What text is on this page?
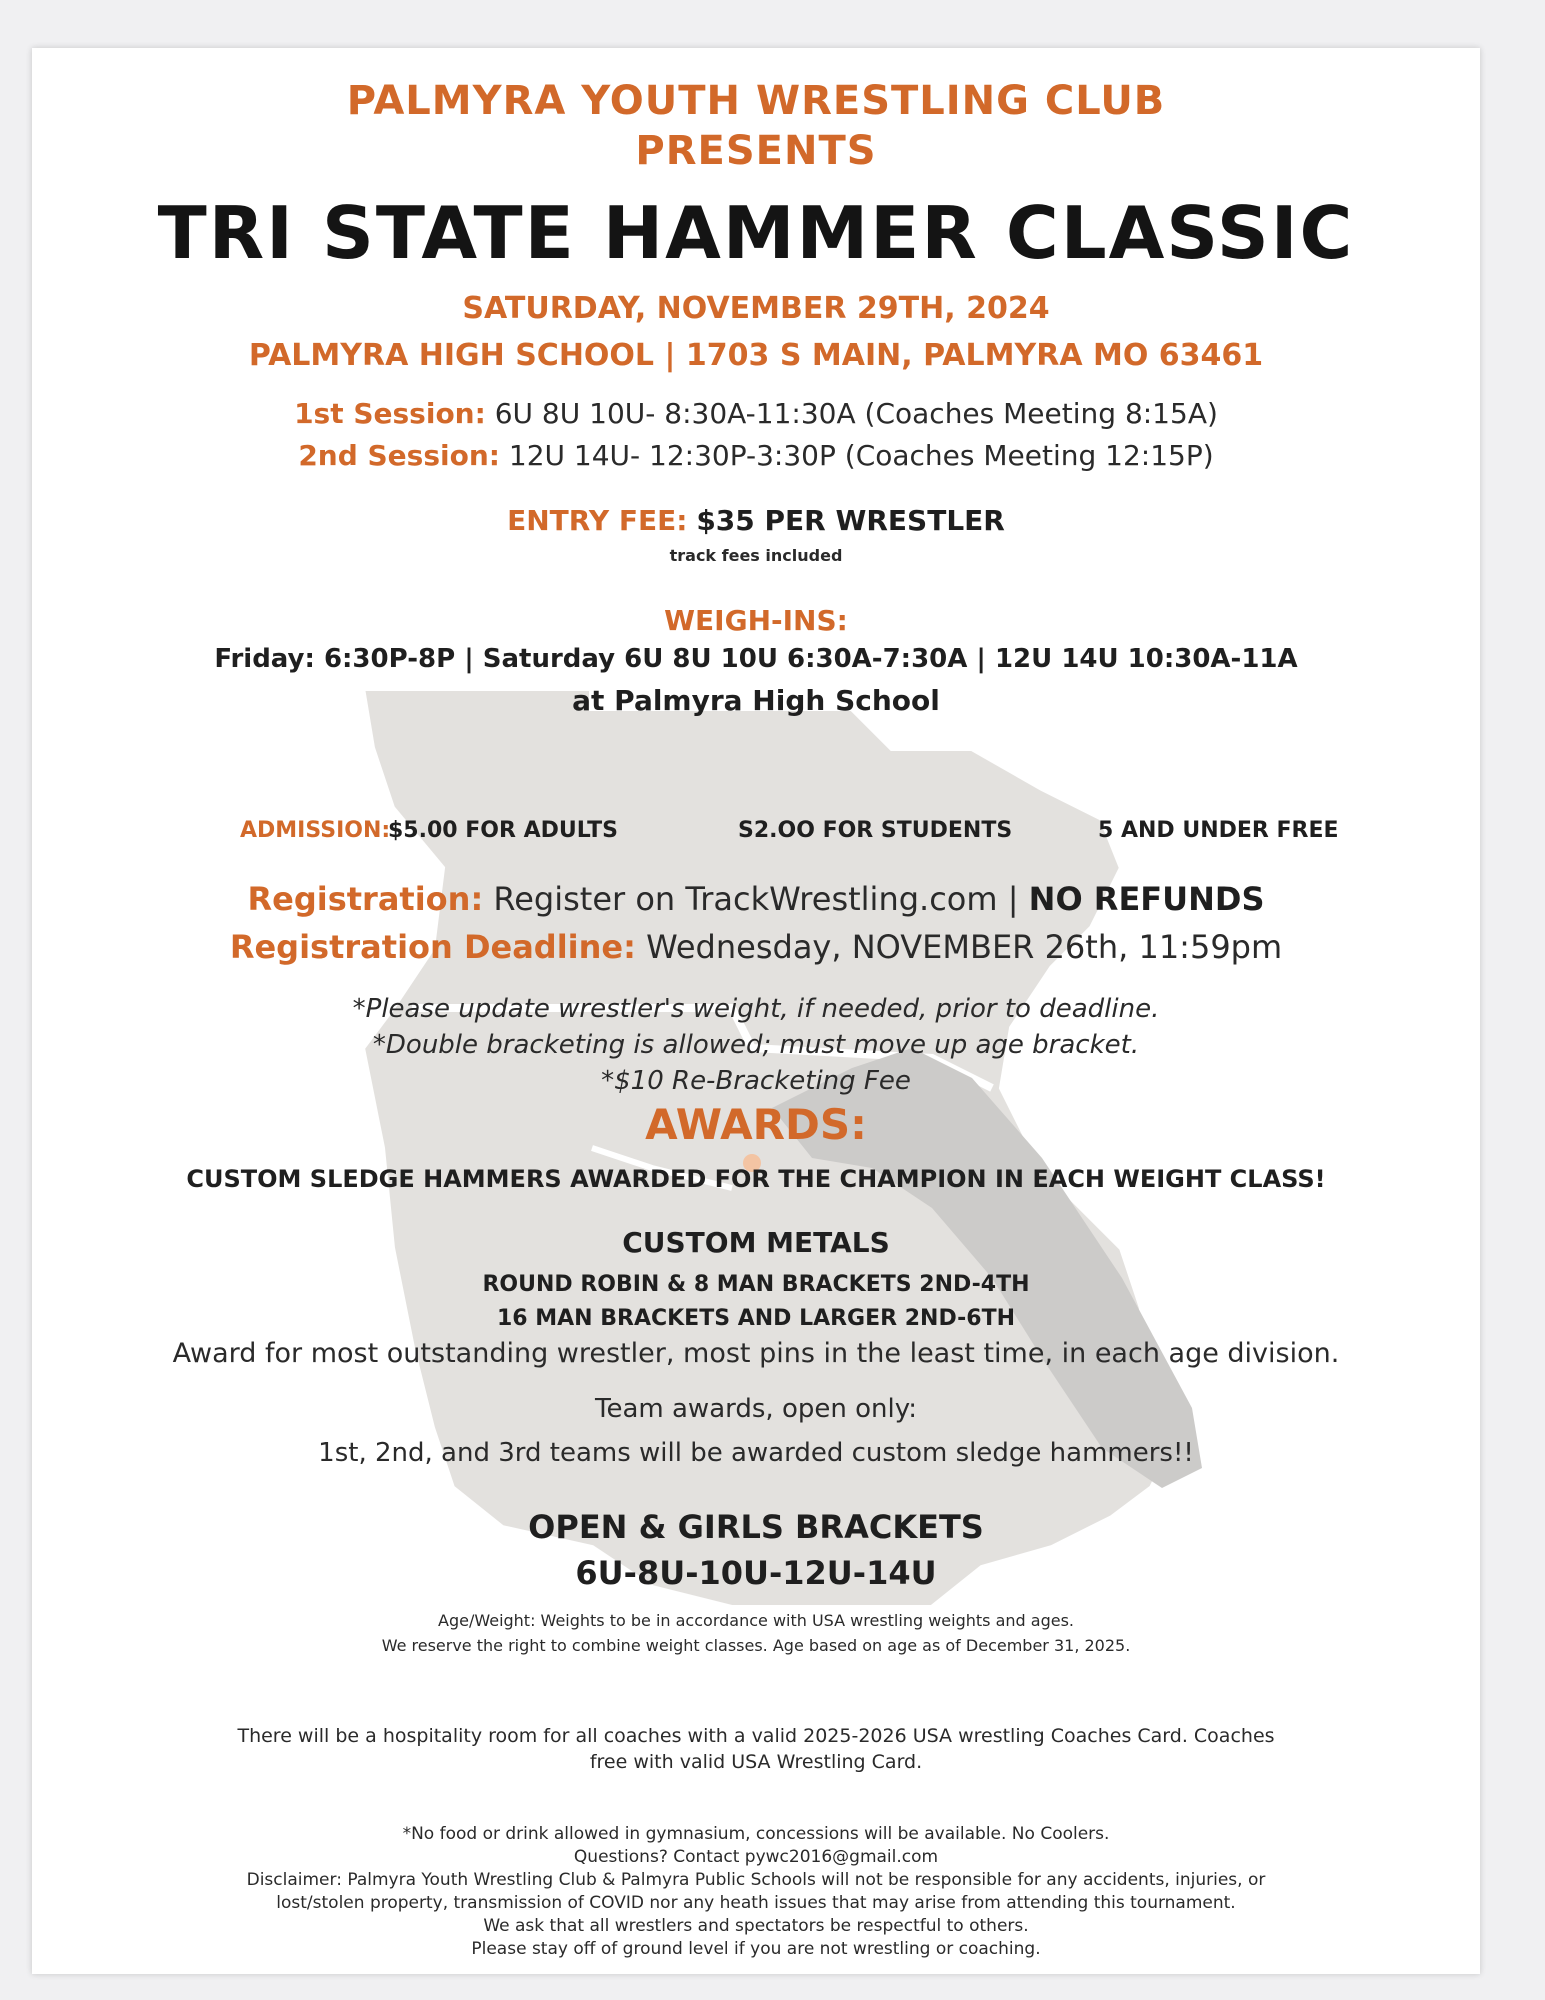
PALMYRA YOUTH WRESTLING CLUB
PRESENTS
TRI STATE HAMMER CLASSIC
SATURDAY, NOVEMBER 29TH, 2024
PALMYRA HIGH SCHOOL | 1703 S MAIN, PALMYRA MO 63461
1st Session: 6U 8U 10U- 8:30A-11:30A (Coaches Meeting 8:15A)
2nd Session: 12U 14U- 12:30P-3:30P (Coaches Meeting 12:15P)
ENTRY FEE: $35 PER WRESTLER
track fees included
WEIGH-INS:
Friday: 6:30P-8P | Saturday 6U 8U 10U 6:30A-7:30A | 12U 14U 10:30A-11A
at Palmyra High School
ADMISSION:
$5.00 FOR ADULTS	S2.OO FOR STUDENTS	5 AND UNDER FREE
Registration: Register on TrackWrestling.com | NO REFUNDS
Registration Deadline: Wednesday, NOVEMBER 26th, 11:59pm
*Please update wrestler's weight, if needed, prior to deadline.
*Double bracketing is allowed; must move up age bracket.
*$10 Re-Bracketing Fee
AWARDS:
CUSTOM SLEDGE HAMMERS AWARDED FOR THE CHAMPION IN EACH WEIGHT CLASS!
CUSTOM METALS
ROUND ROBIN & 8 MAN BRACKETS 2ND-4TH
16 MAN BRACKETS AND LARGER 2ND-6TH
Award for most outstanding wrestler, most pins in the least time, in each age division.
Team awards, open only:
1st, 2nd, and 3rd teams will be awarded custom sledge hammers!!
OPEN & GIRLS BRACKETS
6U-8U-10U-12U-14U
Age/Weight: Weights to be in accordance with USA wrestling weights and ages.
We reserve the right to combine weight classes. Age based on age as of December 31, 2025.
There will be a hospitality room for all coaches with a valid 2025-2026 USA wrestling Coaches Card. Coaches
free with valid USA Wrestling Card.
*No food or drink allowed in gymnasium, concessions will be available. No Coolers.
Questions? Contact pywc2016@gmail.com
Disclaimer: Palmyra Youth Wrestling Club & Palmyra Public Schools will not be responsible for any accidents, injuries, or
lost/stolen property, transmission of COVID nor any heath issues that may arise from attending this tournament.
We ask that all wrestlers and spectators be respectful to others.
Please stay off of ground level if you are not wrestling or coaching.
